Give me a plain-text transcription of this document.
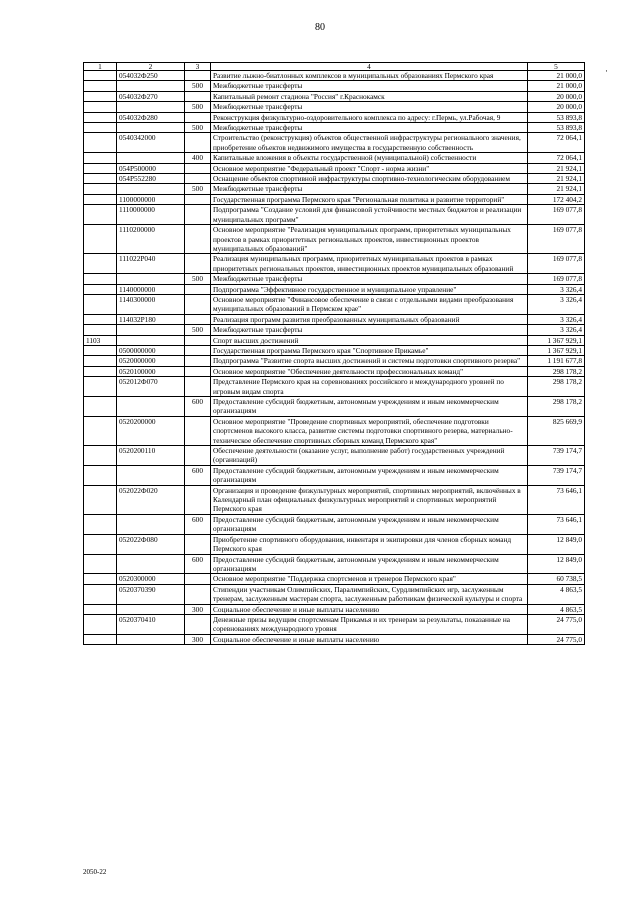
80
·
1	2	3	4	5
	054032Ф250		Развитие лыжно-биатлонных комплексов в муниципальных образованиях Пермского края	21 000,0
		500	Межбюджетные трансферты	21 000,0
	054032Ф270		Капитальный ремонт стадиона "Россия" г.Краснокамск	20 000,0
		500	Межбюджетные трансферты	20 000,0
	054032Ф280		Реконструкция физкультурно-оздоровительного комплекса по адресу: г.Пермь, ул.Рабочая, 9	53 893,8
		500	Межбюджетные трансферты	53 893,8
	0540342000		Строительство (реконструкция) объектов общественной инфраструктуры регионального значения, приобретение объектов недвижимого имущества в государственную собственность	72 064,1
		400	Капитальные вложения в объекты государственной (муниципальной) собственности	72 064,1
	054P500000		Основное мероприятие "Федеральный проект "Спорт - норма жизни"	21 924,1
	054P552280		Оснащение объектов спортивной инфраструктуры спортивно-технологическим оборудованием	21 924,1
		500	Межбюджетные трансферты	21 924,1
	1100000000		Государственная программа Пермского края "Региональная политика и развитие территорий"	172 404,2
	1110000000		Подпрограмма "Создание условий для финансовой устойчивости местных бюджетов и реализации муниципальных программ"	169 077,8
	1110200000		Основное мероприятие "Реализация муниципальных программ, приоритетных муниципальных проектов в рамках приоритетных региональных проектов, инвестиционных проектов муниципальных образований"	169 077,8
	111022P040		Реализация муниципальных программ, приоритетных муниципальных проектов в рамках приоритетных региональных проектов, инвестиционных проектов муниципальных образований	169 077,8
		500	Межбюджетные трансферты	169 077,8
	1140000000		Подпрограмма "Эффективное государственное и муниципальное управление"	3 326,4
	1140300000		Основное мероприятие "Финансовое обеспечение в связи с отдельными видами преобразования муниципальных образований в Пермском крае"	3 326,4
	114032P180		Реализация программ развития преобразованных муниципальных образований	3 326,4
		500	Межбюджетные трансферты	3 326,4
1103			Спорт высших достижений	1 367 929,1
	0500000000		Государственная программа Пермского края "Спортивное Прикамье"	1 367 929,1
	0520000000		Подпрограмма "Развитие спорта высших достижений и системы подготовки спортивного резерва"	1 191 677,8
	0520100000		Основное мероприятие "Обеспечение деятельности профессиональных команд"	298 178,2
	052012Ф070		Представление Пермского края на соревнованиях российского и международного уровней по игровым видам спорта	298 178,2
		600	Предоставление субсидий бюджетным, автономным учреждениям и иным некоммерческим организациям	298 178,2
	0520200000		Основное мероприятие "Проведение спортивных мероприятий, обеспечение подготовки спортсменов высокого класса, развитие системы подготовки спортивного резерва, материально-техническое обеспечение спортивных сборных команд Пермского края"	825 669,9
	0520200110		Обеспечение деятельности (оказание услуг, выполнение работ) государственных учреждений (организаций)	739 174,7
		600	Предоставление субсидий бюджетным, автономным учреждениям и иным некоммерческим организациям	739 174,7
	052022Ф020		Организация и проведение физкультурных мероприятий, спортивных мероприятий, включённых в Календарный план официальных физкультурных мероприятий и спортивных мероприятий Пермского края	73 646,1
		600	Предоставление субсидий бюджетным, автономным учреждениям и иным некоммерческим организациям	73 646,1
	052022Ф080		Приобретение спортивного оборудования, инвентаря и экипировки для членов сборных команд Пермского края	12 849,0
		600	Предоставление субсидий бюджетным, автономным учреждениям и иным некоммерческим организациям	12 849,0
	0520300000		Основное мероприятие "Поддержка спортсменов и тренеров Пермского края"	60 738,5
	0520370390		Стипендии участникам Олимпийских, Паралимпийских, Сурдлимпийских игр, заслуженным тренерам, заслуженным мастерам спорта, заслуженным работникам физической культуры и спорта	4 863,5
		300	Социальное обеспечение и иные выплаты населению	4 863,5
	0520370410		Денежные призы ведущим спортсменам Прикамья и их тренерам за результаты, показанные на соревнованиях международного уровня	24 775,0
		300	Социальное обеспечение и иные выплаты населению	24 775,0
2050-22
